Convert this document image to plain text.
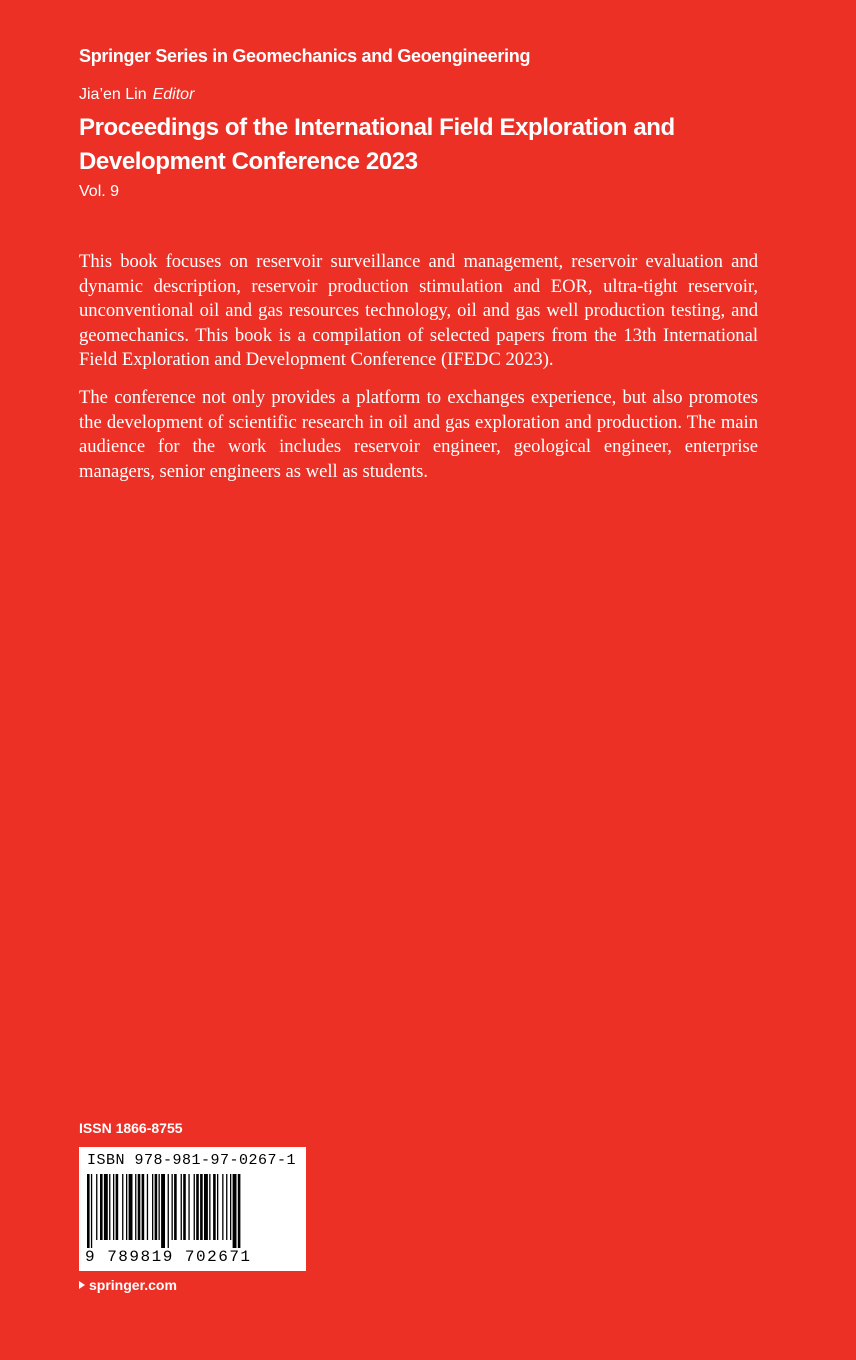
Springer Series in Geomechanics and Geoengineering
Jia’en Lin Editor
Proceedings of the International Field Exploration and Development Conference 2023
Vol. 9

This book focuses on reservoir surveillance and management, reservoir evaluation and dynamic description, reservoir production stimulation and EOR, ultra-tight reservoir, unconventional oil and gas resources technology, oil and gas well production testing, and geomechanics. This book is a compilation of selected papers from the 13th International Field Exploration and Development Conference (IFEDC 2023).

The conference not only provides a platform to exchanges experience, but also promotes the development of scientific research in oil and gas exploration and production. The main audience for the work includes reservoir engineer, geological engineer, enterprise managers, senior engineers as well as students.

ISSN 1866-8755
ISBN 978-981-97-0267-1
9 789819 702671
springer.com
